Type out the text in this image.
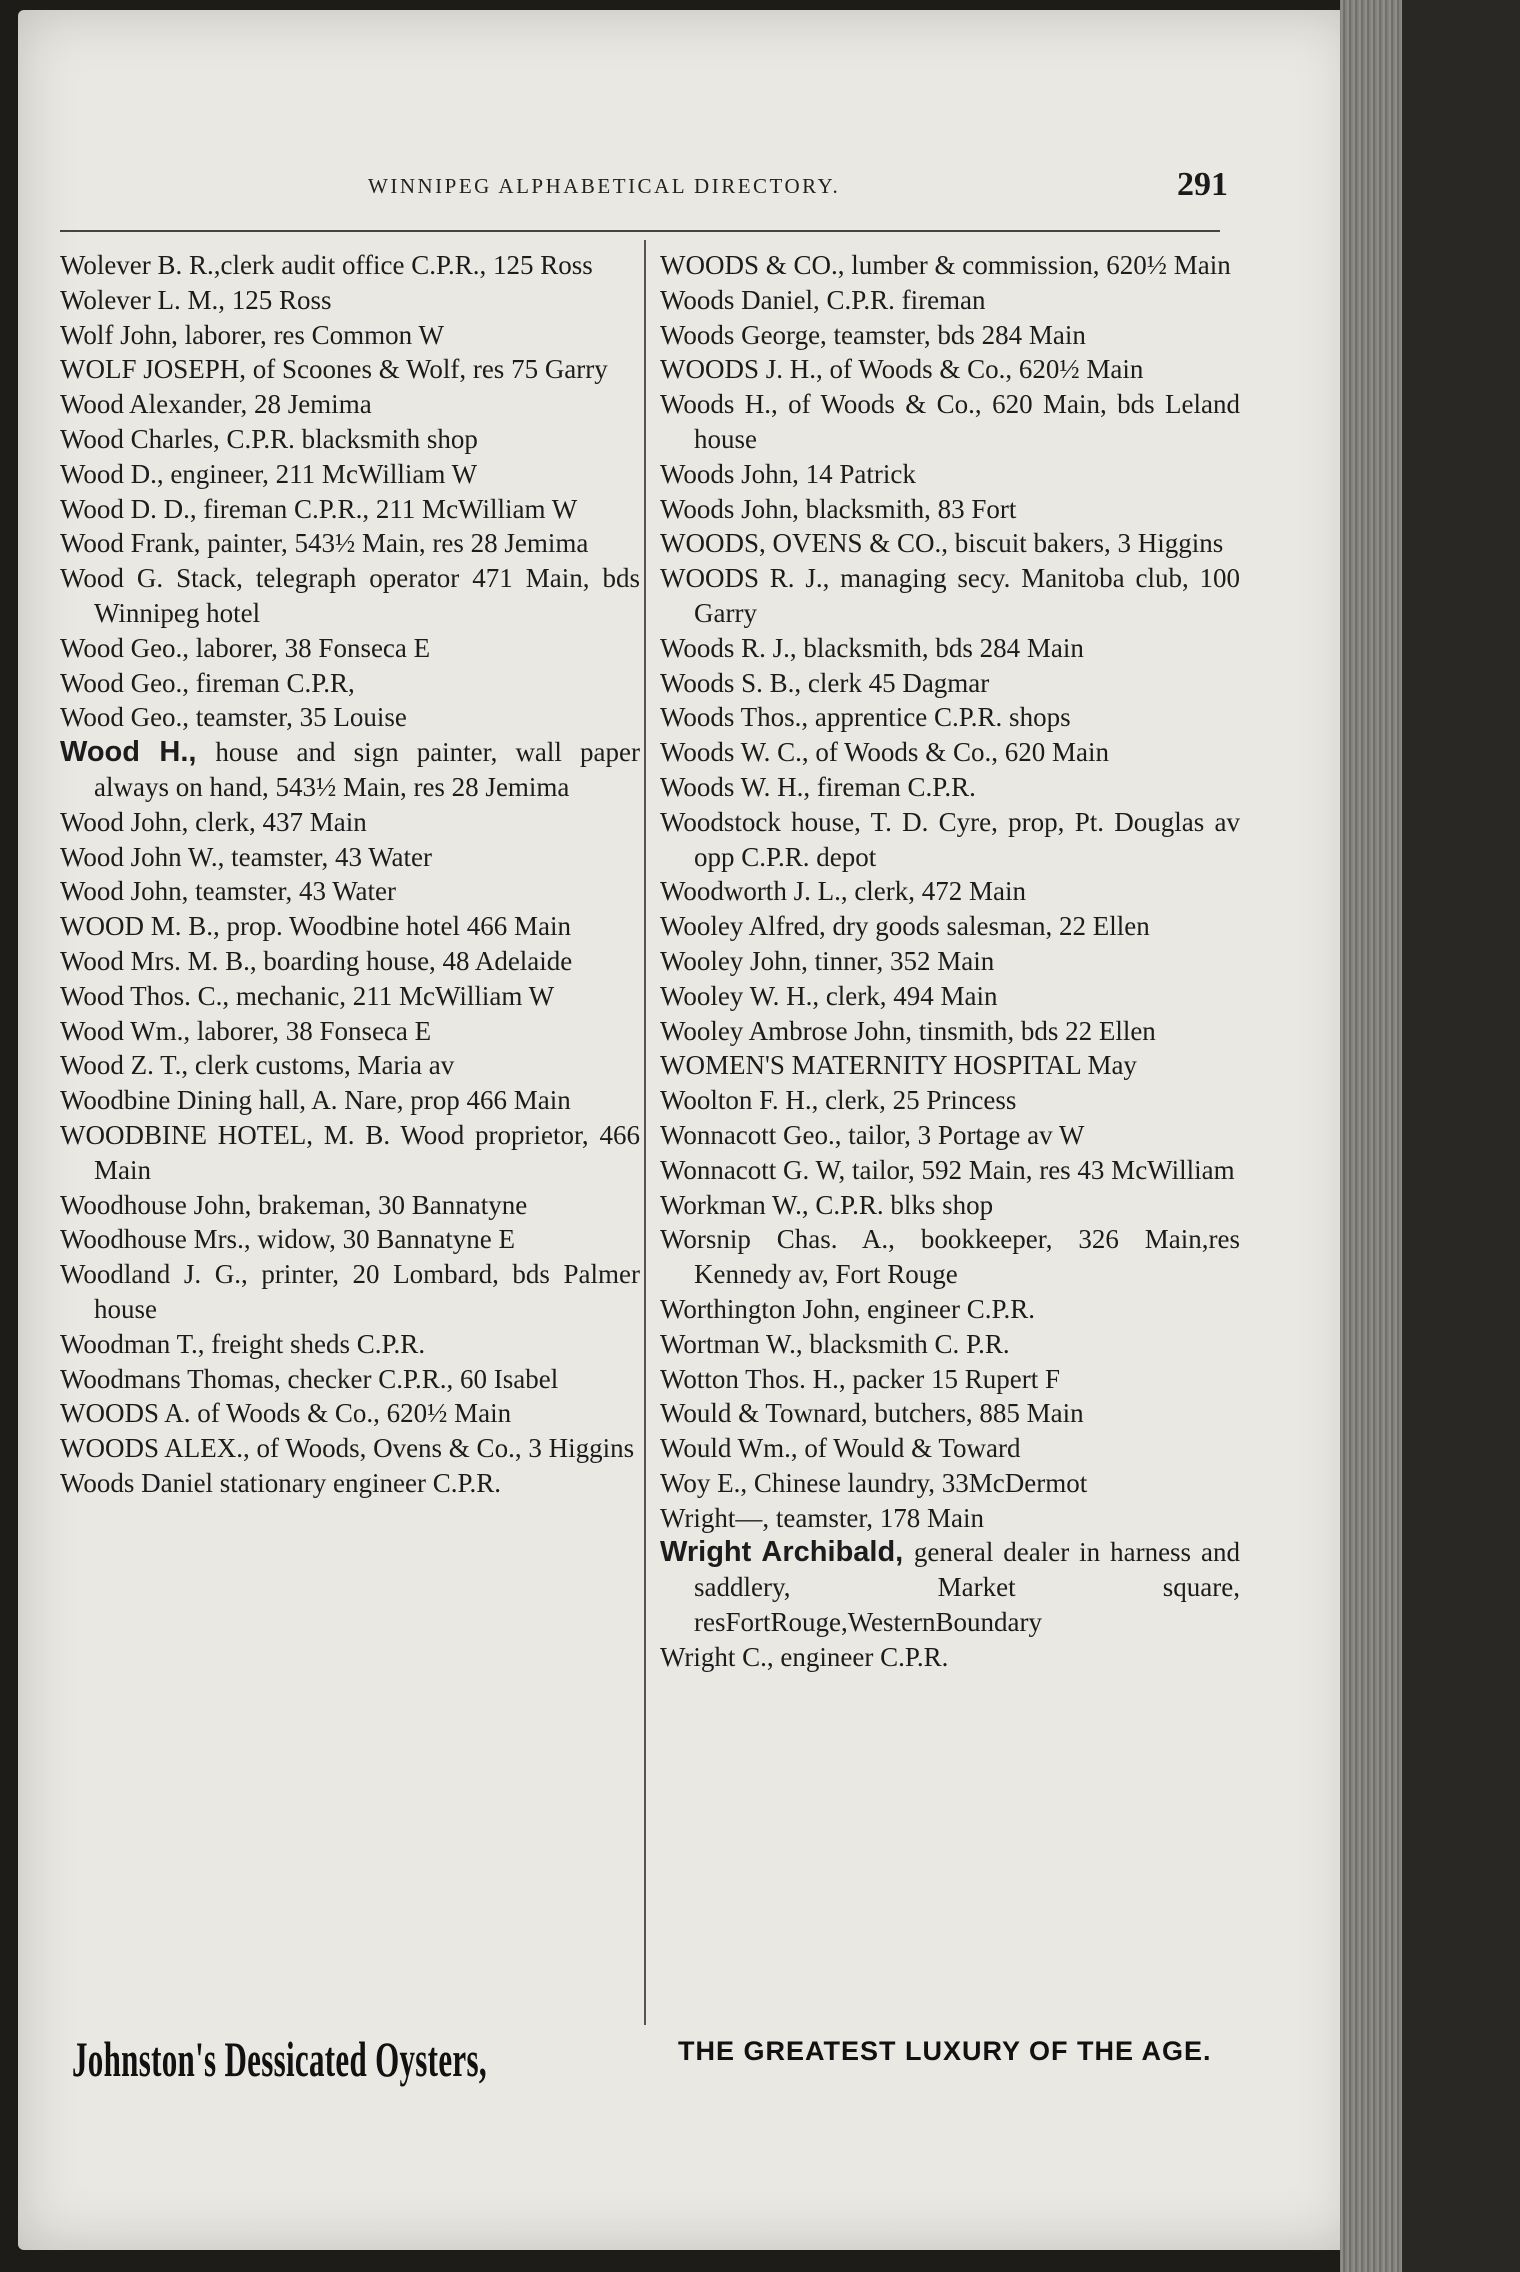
WINNIPEG ALPHABETICAL DIRECTORY.	291
Wolever B. R.,clerk audit office C.P.R., 125 Ross
Wolever L. M., 125 Ross
Wolf John, laborer, res Common W
WOLF JOSEPH, of Scoones & Wolf, res 75 Garry
Wood Alexander, 28 Jemima
Wood Charles, C.P.R. blacksmith shop
Wood D., engineer, 211 McWilliam W
Wood D. D., fireman C.P.R., 211 McWilliam W
Wood Frank, painter, 543½ Main, res 28 Jemima
Wood G. Stack, telegraph operator 471 Main, bds Winnipeg hotel
Wood Geo., laborer, 38 Fonseca E
Wood Geo., fireman C.P.R,
Wood Geo., teamster, 35 Louise
Wood H., house and sign painter, wall paper always on hand, 543½ Main, res 28 Jemima
Wood John, clerk, 437 Main
Wood John W., teamster, 43 Water
Wood John, teamster, 43 Water
WOOD M. B., prop. Woodbine hotel 466 Main
Wood Mrs. M. B., boarding house, 48 Adelaide
Wood Thos. C., mechanic, 211 McWilliam W
Wood Wm., laborer, 38 Fonseca E
Wood Z. T., clerk customs, Maria av
Woodbine Dining hall, A. Nare, prop 466 Main
WOODBINE HOTEL, M. B. Wood proprietor, 466 Main
Woodhouse John, brakeman, 30 Bannatyne
Woodhouse Mrs., widow, 30 Bannatyne E
Woodland J. G., printer, 20 Lombard, bds Palmer house
Woodman T., freight sheds C.P.R.
Woodmans Thomas, checker C.P.R., 60 Isabel
WOODS A. of Woods & Co., 620½ Main
WOODS ALEX., of Woods, Ovens & Co., 3 Higgins
Woods Daniel stationary engineer C.P.R.
WOODS & CO., lumber & commission, 620½ Main
Woods Daniel, C.P.R. fireman
Woods George, teamster, bds 284 Main
WOODS J. H., of Woods & Co., 620½ Main
Woods H., of Woods & Co., 620 Main, bds Leland house
Woods John, 14 Patrick
Woods John, blacksmith, 83 Fort
WOODS, OVENS & CO., biscuit bakers, 3 Higgins
WOODS R. J., managing secy. Manitoba club, 100 Garry
Woods R. J., blacksmith, bds 284 Main
Woods S. B., clerk 45 Dagmar
Woods Thos., apprentice C.P.R. shops
Woods W. C., of Woods & Co., 620 Main
Woods W. H., fireman C.P.R.
Woodstock house, T. D. Cyre, prop, Pt. Douglas av opp C.P.R. depot
Woodworth J. L., clerk, 472 Main
Wooley Alfred, dry goods salesman, 22 Ellen
Wooley John, tinner, 352 Main
Wooley W. H., clerk, 494 Main
Wooley Ambrose John, tinsmith, bds 22 Ellen
WOMEN'S MATERNITY HOSPITAL May
Woolton F. H., clerk, 25 Princess
Wonnacott Geo., tailor, 3 Portage av W
Wonnacott G. W, tailor, 592 Main, res 43 McWilliam
Workman W., C.P.R. blks shop
Worsnip Chas. A., bookkeeper, 326 Main,res Kennedy av, Fort Rouge
Worthington John, engineer C.P.R.
Wortman W., blacksmith C. P.R.
Wotton Thos. H., packer 15 Rupert F
Would & Townard, butchers, 885 Main
Would Wm., of Would & Toward
Woy E., Chinese laundry, 33McDermot
Wright—, teamster, 178 Main
Wright Archibald, general dealer in harness and saddlery, Market square, resFortRouge,WesternBoundary
Wright C., engineer C.P.R.
Johnston's Dessicated Oysters,	THE GREATEST LUXURY OF THE AGE.
